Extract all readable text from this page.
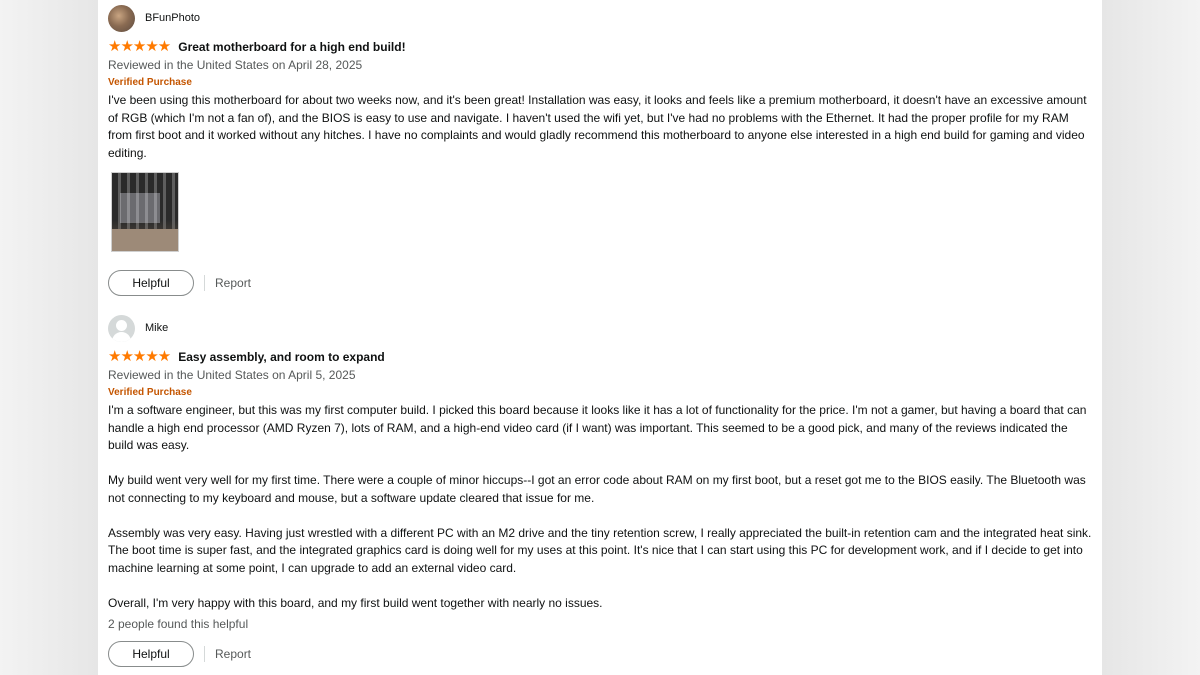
BFunPhoto
★★★★★ Great motherboard for a high end build!
Reviewed in the United States on April 28, 2025
Verified Purchase

I've been using this motherboard for about two weeks now, and it's been great! Installation was easy, it looks and feels like a premium motherboard, it doesn't have an excessive amount of RGB (which I'm not a fan of), and the BIOS is easy to use and navigate. I haven't used the wifi yet, but I've had no problems with the Ethernet. It had the proper profile for my RAM from first boot and it worked without any hitches. I have no complaints and would gladly recommend this motherboard to anyone else interested in a high end build for gaming and video editing.

Helpful	Report
Mike
★★★★★ Easy assembly, and room to expand
Reviewed in the United States on April 5, 2025
Verified Purchase

I'm a software engineer, but this was my first computer build. I picked this board because it looks like it has a lot of functionality for the price. I'm not a gamer, but having a board that can handle a high end processor (AMD Ryzen 7), lots of RAM, and a high-end video card (if I want) was important. This seemed to be a good pick, and many of the reviews indicated the build was easy.

My build went very well for my first time. There were a couple of minor hiccups--I got an error code about RAM on my first boot, but a reset got me to the BIOS easily. The Bluetooth was not connecting to my keyboard and mouse, but a software update cleared that issue for me.

Assembly was very easy. Having just wrestled with a different PC with an M2 drive and the tiny retention screw, I really appreciated the built-in retention cam and the integrated heat sink. The boot time is super fast, and the integrated graphics card is doing well for my uses at this point. It's nice that I can start using this PC for development work, and if I decide to get into machine learning at some point, I can upgrade to add an external video card.

Overall, I'm very happy with this board, and my first build went together with nearly no issues.

2 people found this helpful
Helpful	Report
